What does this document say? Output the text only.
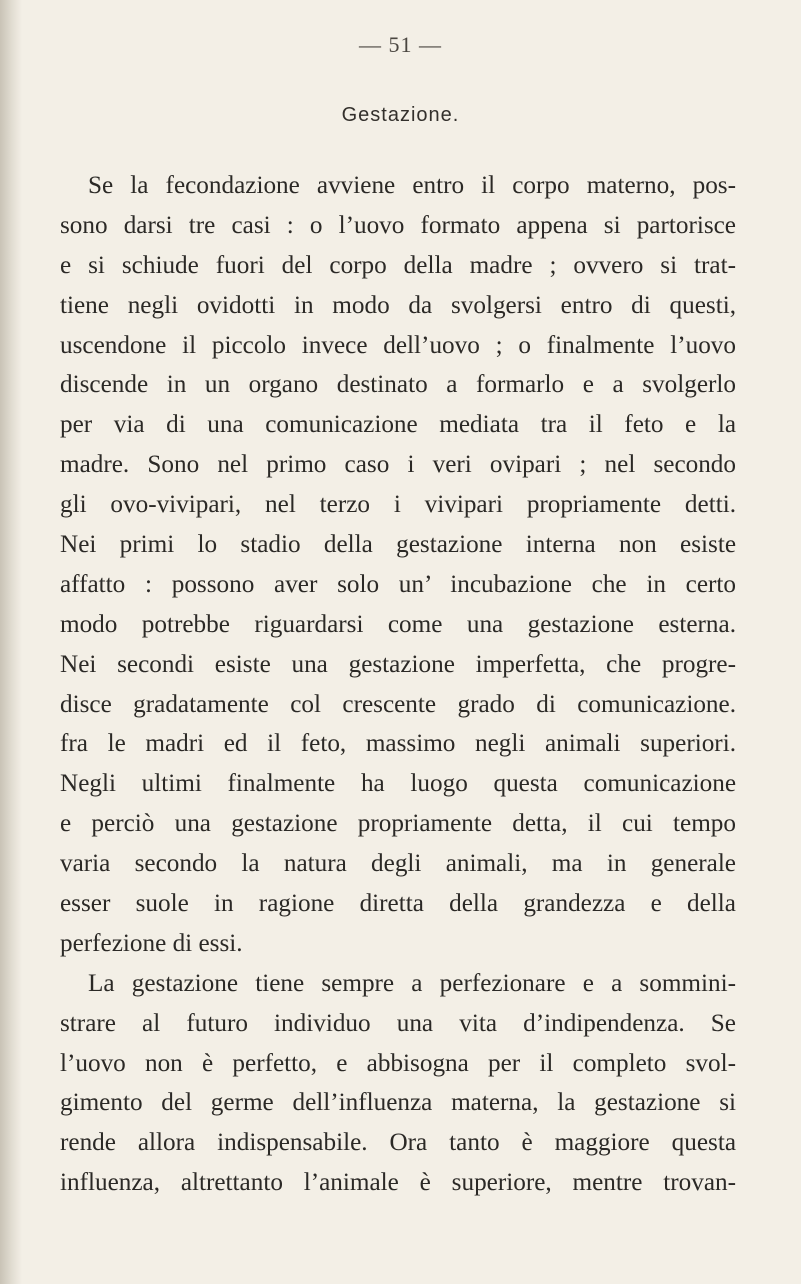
— 51 —
Gestazione.
Se la fecondazione avviene entro il corpo materno, pos-
sono darsi tre casi : o l’uovo formato appena si partorisce
e si schiude fuori del corpo della madre ; ovvero si trat-
tiene negli ovidotti in modo da svolgersi entro di questi,
uscendone il piccolo invece dell’uovo ; o finalmente l’uovo
discende in un organo destinato a formarlo e a svolgerlo
per via di una comunicazione mediata tra il feto e la
madre. Sono nel primo caso i veri ovipari ; nel secondo
gli ovo-vivipari, nel terzo i vivipari propriamente detti.
Nei primi lo stadio della gestazione interna non esiste
affatto : possono aver solo un’ incubazione che in certo
modo potrebbe riguardarsi come una gestazione esterna.
Nei secondi esiste una gestazione imperfetta, che progre-
disce gradatamente col crescente grado di comunicazione.
fra le madri ed il feto, massimo negli animali superiori.
Negli ultimi finalmente ha luogo questa comunicazione
e perciò una gestazione propriamente detta, il cui tempo
varia secondo la natura degli animali, ma in generale
esser suole in ragione diretta della grandezza e della
perfezione di essi.
La gestazione tiene sempre a perfezionare e a sommini-
strare al futuro individuo una vita d’indipendenza. Se
l’uovo non è perfetto, e abbisogna per il completo svol-
gimento del germe dell’influenza materna, la gestazione si
rende allora indispensabile. Ora tanto è maggiore questa
influenza, altrettanto l’animale è superiore, mentre trovan-
